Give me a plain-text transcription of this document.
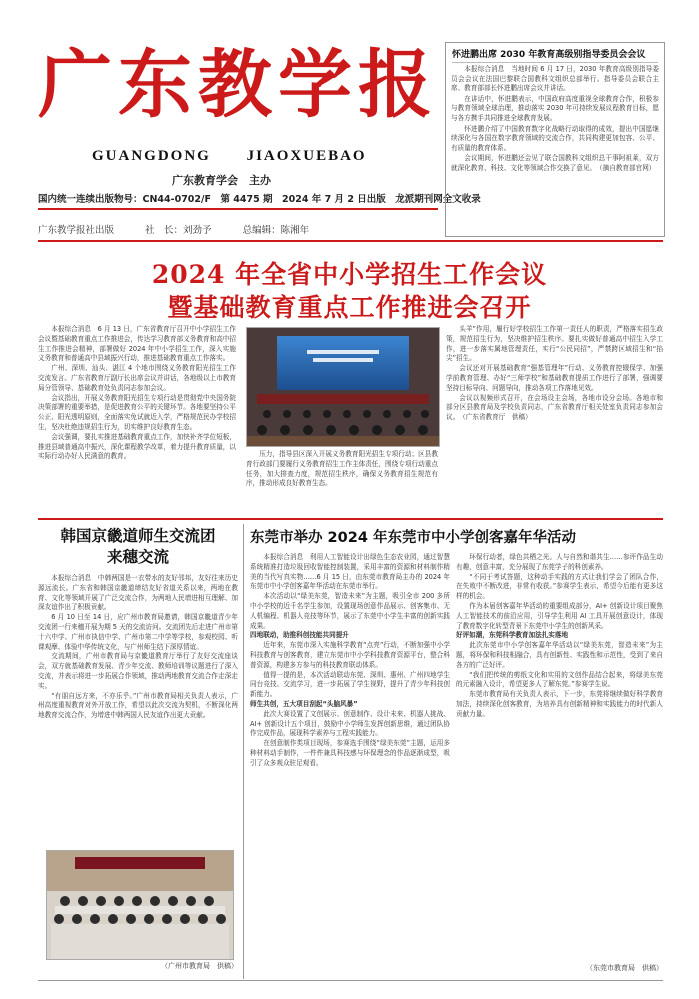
广东教学报
GUANGDONG JIAOXUEBAO
广东教育学会　主办
国内统一连续出版物号：CN44-0702/F　第 4475 期　2024 年 7 月 2 日出版　龙派期刊网全文收录
广东教学报社出版	社　长：刘劲予	总编辑：陈湘年
怀进鹏出席 2030 年教育高级别指导委员会会议

本报综合消息　当地时间 6 月 17 日，2030 年教育高级别指导委员会会议在法国巴黎联合国教科文组织总部举行。指导委员会联合主席、教育部部长怀进鹏出席会议并讲话。

在讲话中，怀进鹏表示，中国政府高度重视全球教育合作，积极参与教育领域全球治理，推动落实 2030 年可持续发展议程教育目标，愿与各方携手共同推进全球教育发展。

怀进鹏介绍了中国教育数字化战略行动取得的成效，提出中国愿继续深化与各国在数字教育领域的交流合作，共同构建更加包容、公平、有质量的教育体系。

会议期间，怀进鹏还会见了联合国教科文组织总干事阿祖莱，双方就深化教育、科技、文化等领域合作交换了意见。　（摘自教育部官网）

2024 年全省中小学招生工作会议
暨基础教育重点工作推进会召开

本报综合消息　6 月 13 日，广东省教育厅召开中小学招生工作会议暨基础教育重点工作推进会，传达学习教育部义务教育和高中招生工作推进会精神，部署做好 2024 年中小学招生工作，深入实施义务教育和普通高中县域振兴行动，推进基础教育重点工作落实。

广州、深圳、汕头、湛江 4 个地市围绕义务教育阳光招生工作交流发言。广东省教育厅副厅长出席会议并讲话，各地级以上市教育局分管领导、基础教育处负责同志参加会议。

会议指出，开展义务教育阳光招生专项行动是贯彻党中央国务院决策部署的重要举措，是促进教育公平的关键环节。各地要坚持公平公正、阳光透明原则，全面落实免试就近入学，严格规范民办学校招生，坚决杜绝违规招生行为，切实维护良好教育生态。

会议强调，要扎实推进基础教育重点工作，加快补齐学位短板，推进县域普通高中振兴，深化课程教学改革，着力提升教育质量，以实际行动办好人民满意的教育。	压力，指导县区深入开展义务教育阳光招生专项行动；区县教育行政部门要履行义务教育招生工作主体责任，围绕专项行动重点任务，加大排查力度，规范招生秩序，确保义务教育招生规范有序，推动形成良好教育生态。

头羊”作用，履行好学校招生工作第一责任人的职责，严格落实招生政策，规范招生行为，坚决维护招生秩序。要扎实做好普通高中招生入学工作，进一步落实属地管理责任，实行“公民同招”，严禁跨区域招生和“掐尖”招生。

会议还对开展基础教育“强基管理年”行动、义务教育控辍保学、加强学前教育管理、办好“三师学校”和基础教育提质工作进行了部署，强调要坚持目标导向、问题导向，推动各项工作落地见效。

会议以视频形式召开，在会场设主会场，各地市设分会场。各地市和部分区县教育局及学校负责同志，广东省教育厅相关处室负责同志参加会议。　（广东省教育厅　供稿）

韩国京畿道师生交流团
来穗交流

本报综合消息　中韩两国是一衣带水的友好邻邦，友好往来历史源远流长。广东省和韩国京畿道缔结友好省道关系以来，两地在教育、文化等领域开展了广泛交流合作，为两地人民增进相互理解、加深友谊作出了积极贡献。

6 月 10 日至 14 日，应广州市教育局邀请，韩国京畿道青少年交流团一行来穗开展为期 5 天的交流访问。交流团先后走进广州市第十六中学、广州市执信中学、广州市第二中学等学校，参观校园、听课观摩、体验中华传统文化，与广州师生结下深厚情谊。

交流期间，广州市教育局与京畿道教育厅举行了友好交流座谈会，双方就基础教育发展、青少年交流、教师培训等议题进行了深入交流，并表示将进一步拓展合作领域，推动两地教育交流合作走深走实。

“有朋自远方来，不亦乐乎。”广州市教育局相关负责人表示，广州高度重视教育对外开放工作，希望以此次交流为契机，不断深化两地教育交流合作，为增进中韩两国人民友谊作出更大贡献。

（广州市教育局　供稿）
东莞市举办 2024 年东莞市中小学创客嘉年华活动

本报综合消息　利用人工智能设计出绿色生态农业园，通过智慧系统精准打造垃圾回收智能控制装置，采用丰富的资源和材料制作精美的当代写真实物……6 月 15 日，由东莞市教育局主办的 2024 年东莞市中小学创客嘉年华活动在东莞市举行。

本次活动以“绿美东莞，智造未来”为主题，吸引全市 200 多所中小学校的近千名学生参加，设置现场创意作品展示、创客集市、无人机编程、机器人竞技等环节，展示了东莞中小学生丰富的创新实践成果。

四地联动，助推科创技能共同提升

近年来，东莞市深入实施科学教育“点亮”行动，不断加强中小学科技教育与创客教育，建立东莞市中小学科技教育资源平台，整合科普资源，构建多方参与的科技教育联动体系。

值得一提的是，本次活动联动东莞、深圳、惠州、广州四地学生同台竞技、交流学习，进一步拓展了学生视野，提升了青少年科技创新能力。

师生共创，五大项目刮起“头脑风暴”

此次大赛设置了文创展示、创意制作、设计未来、机器人挑战、AI+ 创新设计五个项目，鼓励中小学师生发挥创新思维，通过团队协作完成作品，展现科学素养与工程实践能力。

在创意制作类项目现场，参赛选手围绕“绿美东莞”主题，运用多种材料动手制作，一件件兼具科技感与环保理念的作品逐渐成型，吸引了众多观众驻足观看。

环保行动者，绿色共栖之光。人与自然和谐共生……参评作品生动有趣，创意丰富，充分展现了东莞学子的科创素养。

“不同于考试答题，这种动手实践的方式让我们学会了团队合作，在失败中不断改进，非常有收获。”参赛学生表示，希望今后能有更多这样的机会。

作为本届创客嘉年华活动的重要组成部分，AI+ 创新设计项目聚焦人工智能技术的前沿应用，引导学生利用 AI 工具开展创意设计，体现了教育数字化转型背景下东莞中小学生的创新风采。

好评如潮，东莞科学教育加法扎实落地

此次东莞市中小学创客嘉年华活动以“绿美东莞，智造未来”为主题，将环保和科技相融合，具有创新性、实践性和示范性，受到了来自各方的广泛好评。

“我们把传统的剪纸文化和实用的文创作品结合起来，将绿美东莞的元素融入设计，希望更多人了解东莞。”参赛学生说。

东莞市教育局有关负责人表示，下一步，东莞将继续做好科学教育加法，持续深化创客教育，为培养具有创新精神和实践能力的时代新人贡献力量。

（东莞市教育局　供稿）
